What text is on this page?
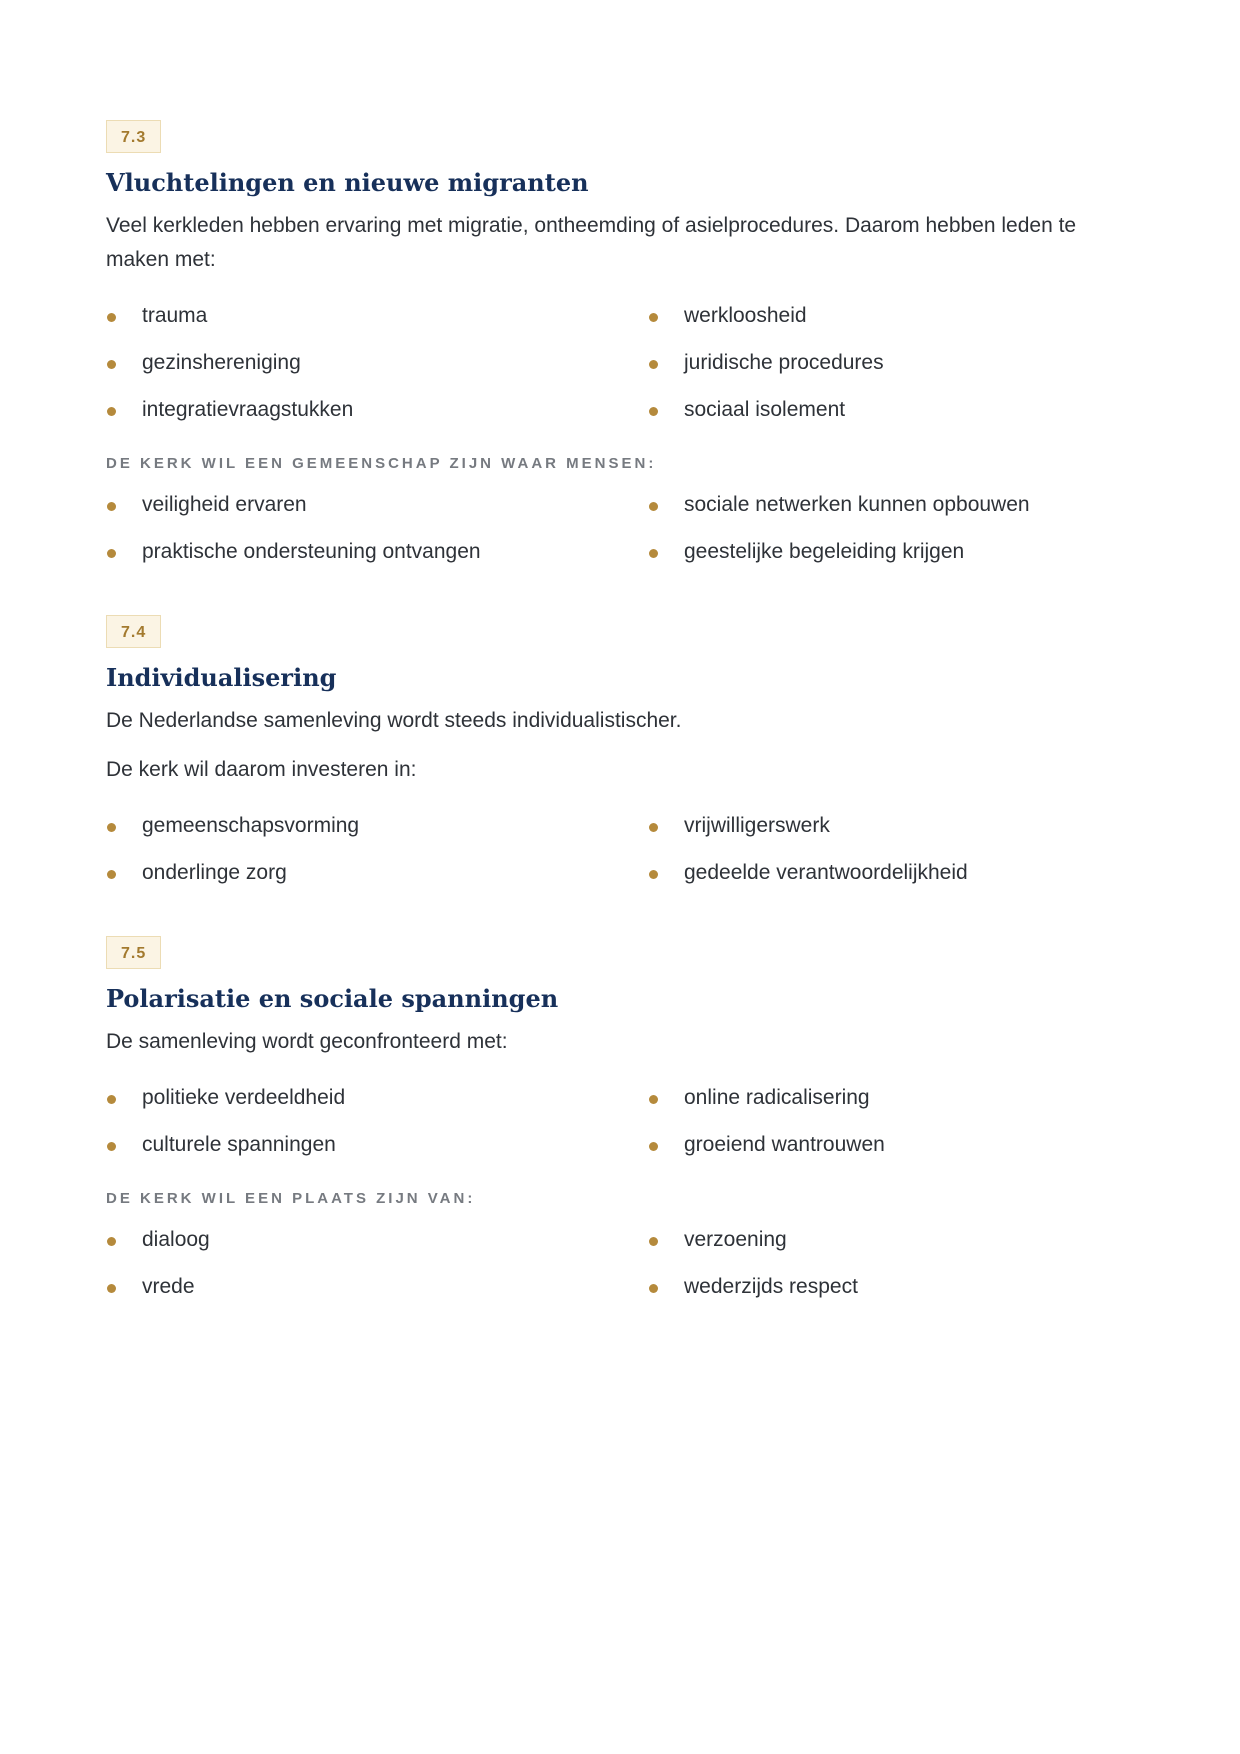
7.3
Vluchtelingen en nieuwe migranten

Veel kerkleden hebben ervaring met migratie, ontheemding of asielprocedures. Daarom hebben leden te maken met:

trauma
gezinshereniging
integratievraagstukken
werkloosheid
juridische procedures
sociaal isolement
DE KERK WIL EEN GEMEENSCHAP ZIJN WAAR MENSEN:
veiligheid ervaren
praktische ondersteuning ontvangen
sociale netwerken kunnen opbouwen
geestelijke begeleiding krijgen
7.4
Individualisering

De Nederlandse samenleving wordt steeds individualistischer.

De kerk wil daarom investeren in:

gemeenschapsvorming
onderlinge zorg
vrijwilligerswerk
gedeelde verantwoordelijkheid
7.5
Polarisatie en sociale spanningen

De samenleving wordt geconfronteerd met:

politieke verdeeldheid
culturele spanningen
online radicalisering
groeiend wantrouwen
DE KERK WIL EEN PLAATS ZIJN VAN:
dialoog
vrede
verzoening
wederzijds respect
